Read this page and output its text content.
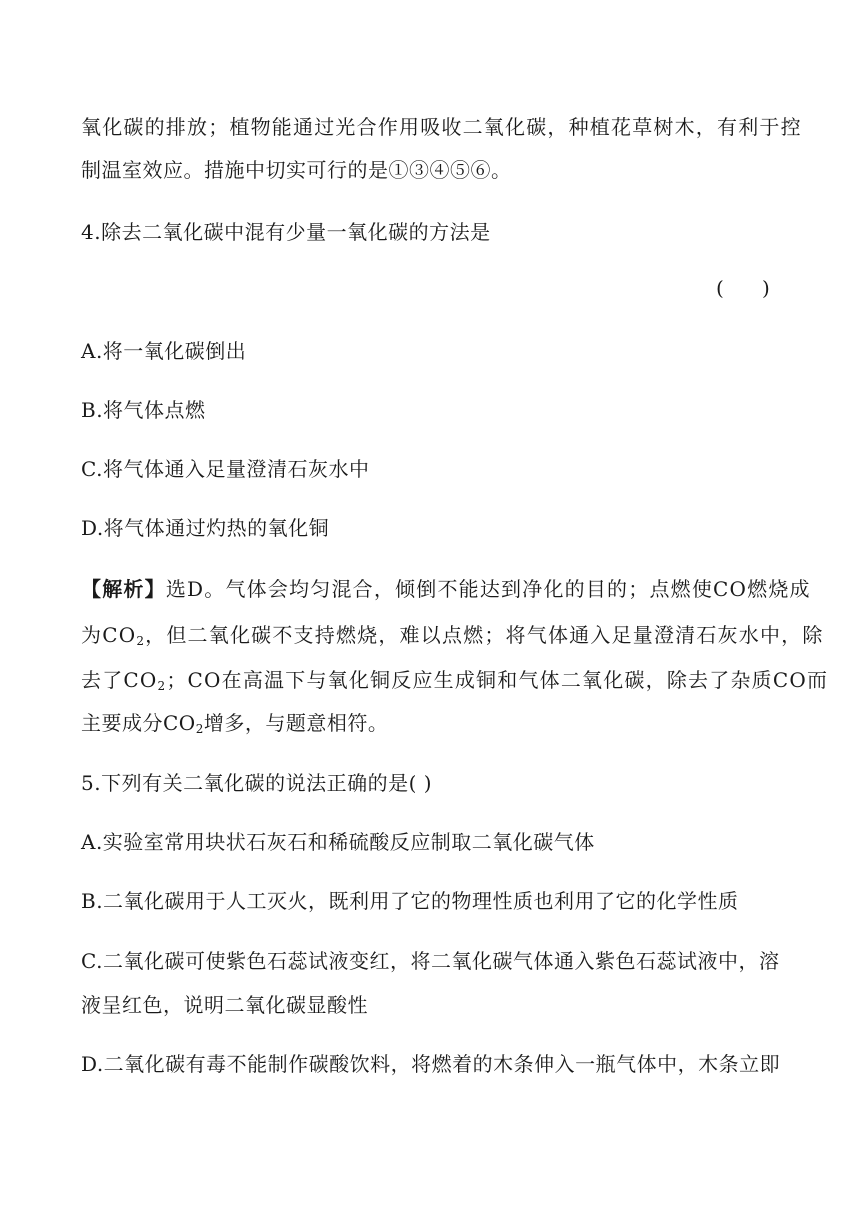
氧化碳的排放；植物能通过光合作用吸收二氧化碳，种植花草树木，有利于控
制温室效应。措施中切实可行的是①③④⑤⑥。
4.除去二氧化碳中混有少量一氧化碳的方法是
(      )
A.将一氧化碳倒出
B.将气体点燃
C.将气体通入足量澄清石灰水中
D.将气体通过灼热的氧化铜
【解析】选D。气体会均匀混合，倾倒不能达到净化的目的；点燃使CO燃烧成
为$CO_2$，但二氧化碳不支持燃烧，难以点燃；将气体通入足量澄清石灰水中，除
去了$CO_2$；CO在高温下与氧化铜反应生成铜和气体二氧化碳，除去了杂质CO而
主要成分$CO_2$增多，与题意相符。
5.下列有关二氧化碳的说法正确的是( )
A.实验室常用块状石灰石和稀硫酸反应制取二氧化碳气体
B.二氧化碳用于人工灭火，既利用了它的物理性质也利用了它的化学性质
C.二氧化碳可使紫色石蕊试液变红，将二氧化碳气体通入紫色石蕊试液中，溶
液呈红色，说明二氧化碳显酸性
D.二氧化碳有毒不能制作碳酸饮料，将燃着的木条伸入一瓶气体中，木条立即
